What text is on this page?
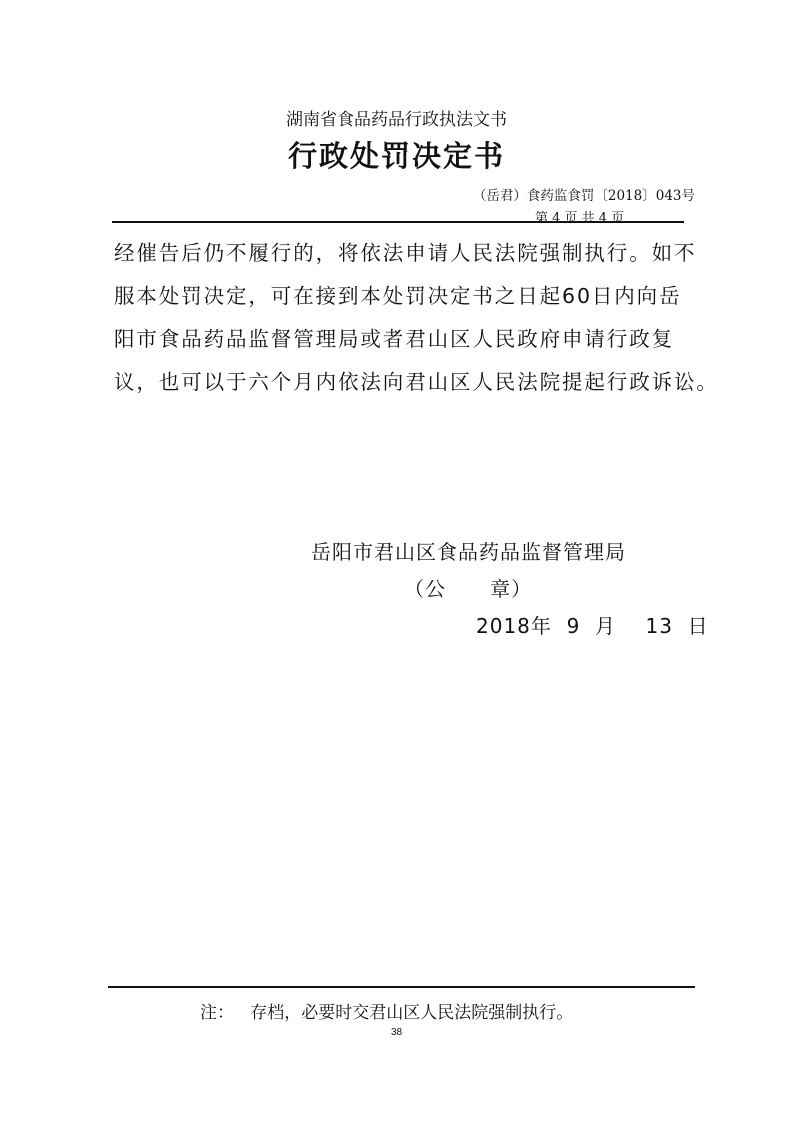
湖南省食品药品行政执法文书
行政处罚决定书
（岳君）食药监食罚〔2018〕043号
第 4 页 共 4 页
经催告后仍不履行的，将依法申请人民法院强制执行。如不
服本处罚决定，可在接到本处罚决定书之日起60日内向岳
阳市食品药品监督管理局或者君山区人民政府申请行政复
议，也可以于六个月内依法向君山区人民法院提起行政诉讼。
岳阳市君山区食品药品监督管理局
（公      章）
2018年  9  月    13  日
注：   存档，必要时交君山区人民法院强制执行。
38
